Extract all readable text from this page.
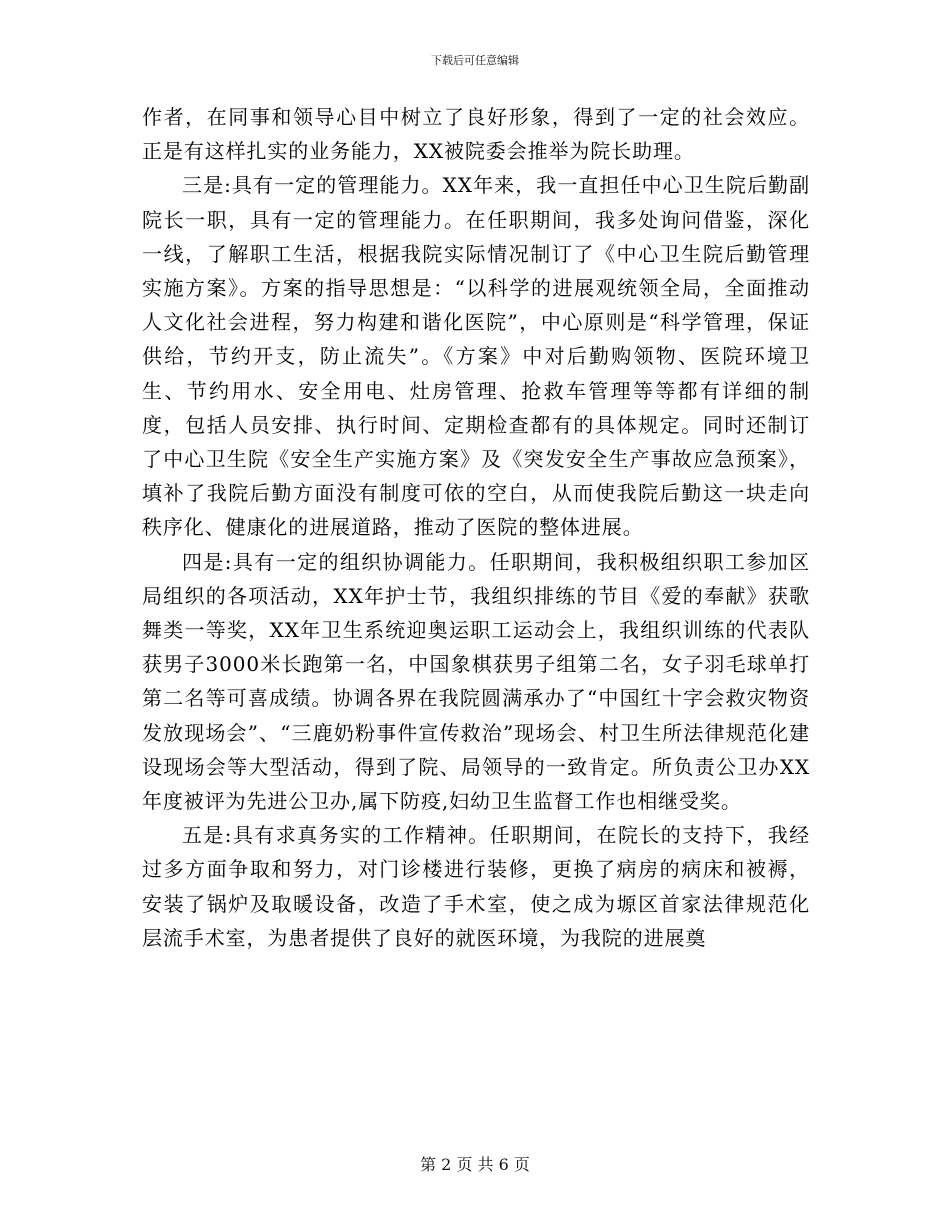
下载后可任意编辑

作者，在同事和领导心目中树立了良好形象，得到了一定的社会效应。正是有这样扎实的业务能力，XX被院委会推举为院长助理。

三是:具有一定的管理能力。XX年来，我一直担任中心卫生院后勤副院长一职，具有一定的管理能力。在任职期间，我多处询问借鉴，深化一线，了解职工生活，根据我院实际情况制订了《中心卫生院后勤管理实施方案》。方案的指导思想是：“以科学的进展观统领全局，全面推动人文化社会进程，努力构建和谐化医院”，中心原则是“科学管理，保证供给，节约开支，防止流失”。《方案》中对后勤购领物、医院环境卫生、节约用水、安全用电、灶房管理、抢救车管理等等都有详细的制度，包括人员安排、执行时间、定期检查都有的具体规定。同时还制订了中心卫生院《安全生产实施方案》及《突发安全生产事故应急预案》，填补了我院后勤方面没有制度可依的空白，从而使我院后勤这一块走向秩序化、健康化的进展道路，推动了医院的整体进展。

四是:具有一定的组织协调能力。任职期间，我积极组织职工参加区局组织的各项活动，XX年护士节，我组织排练的节目《爱的奉献》获歌舞类一等奖，XX年卫生系统迎奥运职工运动会上，我组织训练的代表队获男子3000米长跑第一名，中国象棋获男子组第二名，女子羽毛球单打第二名等可喜成绩。协调各界在我院圆满承办了“中国红十字会救灾物资发放现场会”、“三鹿奶粉事件宣传救治”现场会、村卫生所法律规范化建设现场会等大型活动，得到了院、局领导的一致肯定。所负责公卫办XX年度被评为先进公卫办,属下防疫,妇幼卫生监督工作也相继受奖。

五是:具有求真务实的工作精神。任职期间，在院长的支持下，我经过多方面争取和努力，对门诊楼进行装修，更换了病房的病床和被褥，安装了锅炉及取暖设备，改造了手术室，使之成为塬区首家法律规范化层流手术室，为患者提供了良好的就医环境，为我院的进展奠

第 2 页 共 6 页
